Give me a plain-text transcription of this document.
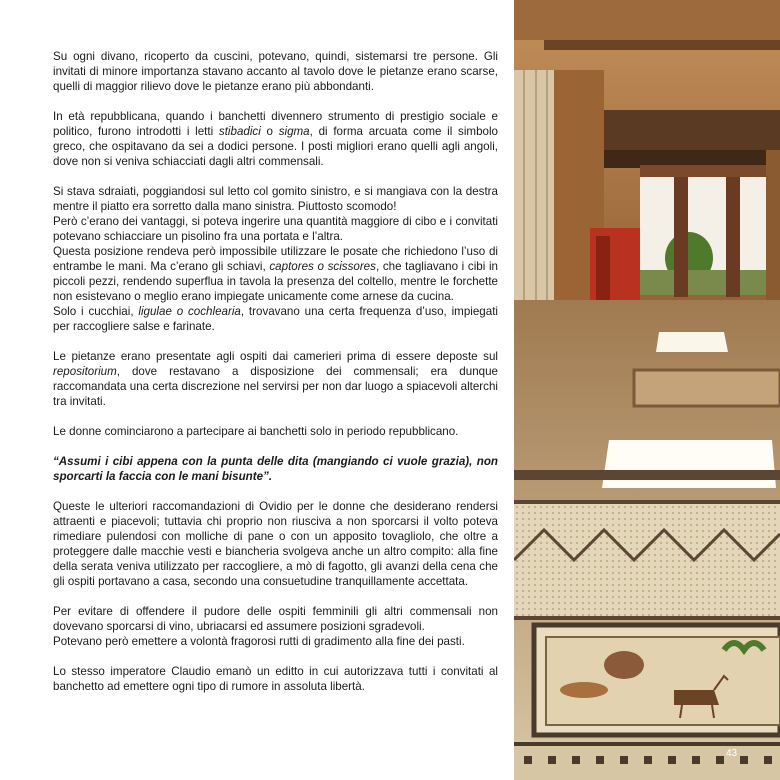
Su ogni divano, ricoperto da cuscini, potevano, quindi, sistemarsi tre persone. Gli invitati di minore importanza stavano accanto al tavolo dove le pietanze erano scarse, quelli di maggior rilievo dove le pietanze erano più abbondanti.

In età repubblicana, quando i banchetti divennero strumento di prestigio sociale e politico, furono introdotti i letti stibadici o sigma, di forma arcuata come il simbolo greco, che ospitavano da sei a dodici persone. I posti migliori erano quelli agli angoli, dove non si veniva schiacciati dagli altri commensali.

Si stava sdraiati, poggiandosi sul letto col gomito sinistro, e si mangiava con la destra mentre il piatto era sorretto dalla mano sinistra. Piuttosto scomodo!
Però c’erano dei vantaggi, si poteva ingerire una quantità maggiore di cibo e i convitati potevano schiacciare un pisolino fra una portata e l’altra.
Questa posizione rendeva però impossibile utilizzare le posate che richiedono l’uso di entrambe le mani. Ma c’erano gli schiavi, captores o scissores, che tagliavano i cibi in piccoli pezzi, rendendo superflua in tavola la presenza del coltello, mentre le forchette non esistevano o meglio erano impiegate unicamente come arnese da cucina.
Solo i cucchiai, ligulae o cochlearia, trovavano una certa frequenza d’uso, impiegati per raccogliere salse e farinate.

Le pietanze erano presentate agli ospiti dai camerieri prima di essere deposte sul repositorium, dove restavano a disposizione dei commensali; era dunque raccomandata una certa discrezione nel servirsi per non dar luogo a spiacevoli alterchi tra invitati.

Le donne cominciarono a partecipare ai banchetti solo in periodo repubblicano.

“Assumi i cibi appena con la punta delle dita (mangiando ci vuole grazia), non sporcarti la faccia con le mani bisunte”.

Queste le ulteriori raccomandazioni di Ovidio per le donne che desiderano rendersi attraenti e piacevoli; tuttavia chi proprio non riusciva a non sporcarsi il volto poteva rimediare pulendosi con molliche di pane o con un apposito tovagliolo, che oltre a proteggere dalle macchie vesti e biancheria svolgeva anche un altro compito: alla fine della serata veniva utilizzato per raccogliere, a mò di fagotto, gli avanzi della cena che gli ospiti portavano a casa, secondo una consuetudine tranquillamente accettata.

Per evitare di offendere il pudore delle ospiti femminili gli altri commensali non dovevano sporcarsi di vino, ubriacarsi ed assumere posizioni sgradevoli.
Potevano però emettere a volontà fragorosi rutti di gradimento alla fine dei pasti.

Lo stesso imperatore Claudio emanò un editto in cui autorizzava tutti i convitati al banchetto ad emettere ogni tipo di rumore in assoluta libertà.

43
